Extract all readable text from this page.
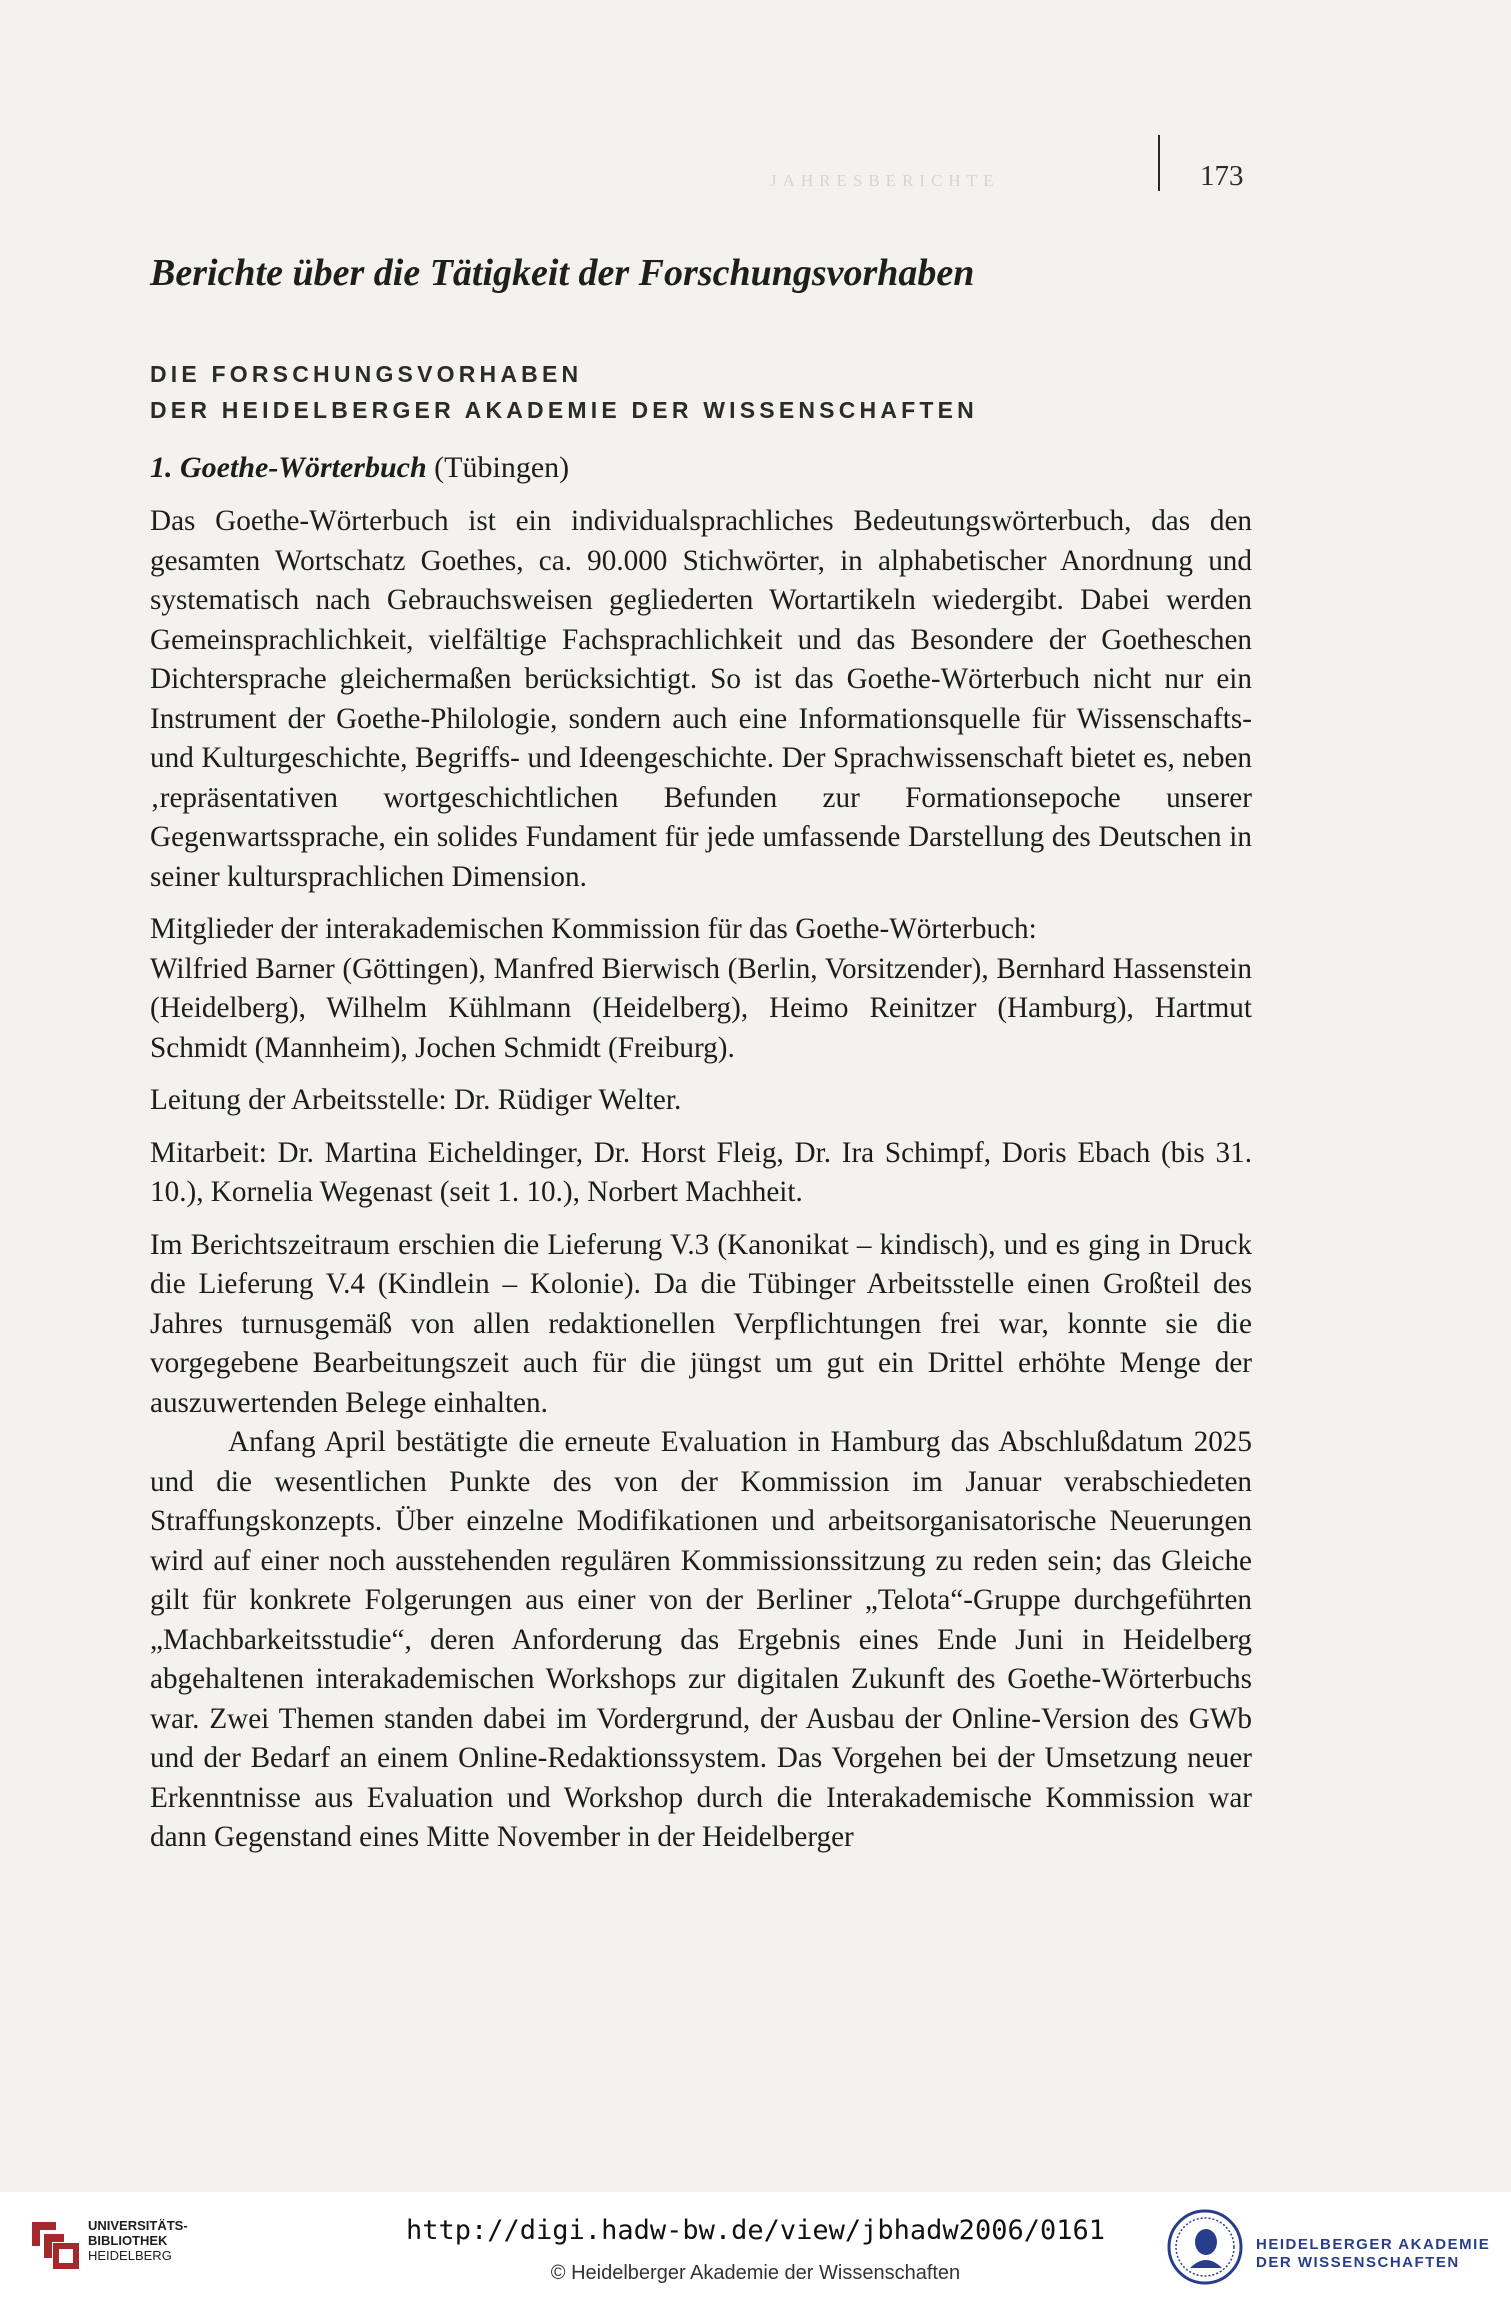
JAHRESBERICHTE	173
Berichte über die Tätigkeit der Forschungsvorhaben
DIE FORSCHUNGSVORHABEN
DER HEIDELBERGER AKADEMIE DER WISSENSCHAFTEN
1. Goethe-Wörterbuch (Tübingen)

Das Goethe-Wörterbuch ist ein individualsprachliches Bedeutungswörterbuch, das den gesamten Wortschatz Goethes, ca. 90.000 Stichwörter, in alphabetischer Anordnung und systematisch nach Gebrauchsweisen gegliederten Wortartikeln wiedergibt. Dabei werden Gemeinsprachlichkeit, vielfältige Fachsprachlichkeit und das Besondere der Goetheschen Dichtersprache gleichermaßen berücksichtigt. So ist das Goethe-Wörterbuch nicht nur ein Instrument der Goethe-Philologie, sondern auch eine Informationsquelle für Wissenschafts- und Kulturgeschichte, Begriffs- und Ideengeschichte. Der Sprachwissenschaft bietet es, neben ‚repräsentativen wortgeschichtlichen Befunden zur Formationsepoche unserer Gegenwartssprache, ein solides Fundament für jede umfassende Darstellung des Deutschen in seiner kultursprachlichen Dimension.

Mitglieder der interakademischen Kommission für das Goethe-Wörterbuch:

Wilfried Barner (Göttingen), Manfred Bierwisch (Berlin, Vorsitzender), Bernhard Hassenstein (Heidelberg), Wilhelm Kühlmann (Heidelberg), Heimo Reinitzer (Hamburg), Hartmut Schmidt (Mannheim), Jochen Schmidt (Freiburg).

Leitung der Arbeitsstelle: Dr. Rüdiger Welter.

Mitarbeit: Dr. Martina Eicheldinger, Dr. Horst Fleig, Dr. Ira Schimpf, Doris Ebach (bis 31. 10.), Kornelia Wegenast (seit 1. 10.), Norbert Machheit.

Im Berichtszeitraum erschien die Lieferung V.3 (Kanonikat – kindisch), und es ging in Druck die Lieferung V.4 (Kindlein – Kolonie). Da die Tübinger Arbeitsstelle einen Großteil des Jahres turnusgemäß von allen redaktionellen Verpflichtungen frei war, konnte sie die vorgegebene Bearbeitungszeit auch für die jüngst um gut ein Drittel erhöhte Menge der auszuwertenden Belege einhalten.

Anfang April bestätigte die erneute Evaluation in Hamburg das Abschlußdatum 2025 und die wesentlichen Punkte des von der Kommission im Januar verabschiedeten Straffungskonzepts. Über einzelne Modifikationen und arbeitsorganisatorische Neuerungen wird auf einer noch ausstehenden regulären Kommissionssitzung zu reden sein; das Gleiche gilt für konkrete Folgerungen aus einer von der Berliner „Telota“-Gruppe durchgeführten „Machbarkeitsstudie“, deren Anforderung das Ergebnis eines Ende Juni in Heidelberg abgehaltenen interakademischen Workshops zur digitalen Zukunft des Goethe-Wörterbuchs war. Zwei Themen standen dabei im Vordergrund, der Ausbau der Online-Version des GWb und der Bedarf an einem Online-Redaktionssystem. Das Vorgehen bei der Umsetzung neuer Erkenntnisse aus Evaluation und Workshop durch die Interakademische Kommission war dann Gegenstand eines Mitte November in der Heidelberger

UNIVERSITÄTS-
BIBLIOTHEK
HEIDELBERG
http://digi.hadw-bw.de/view/jbhadw2006/0161
© Heidelberger Akademie der Wissenschaften
HEIDELBERGER AKADEMIE
DER WISSENSCHAFTEN
